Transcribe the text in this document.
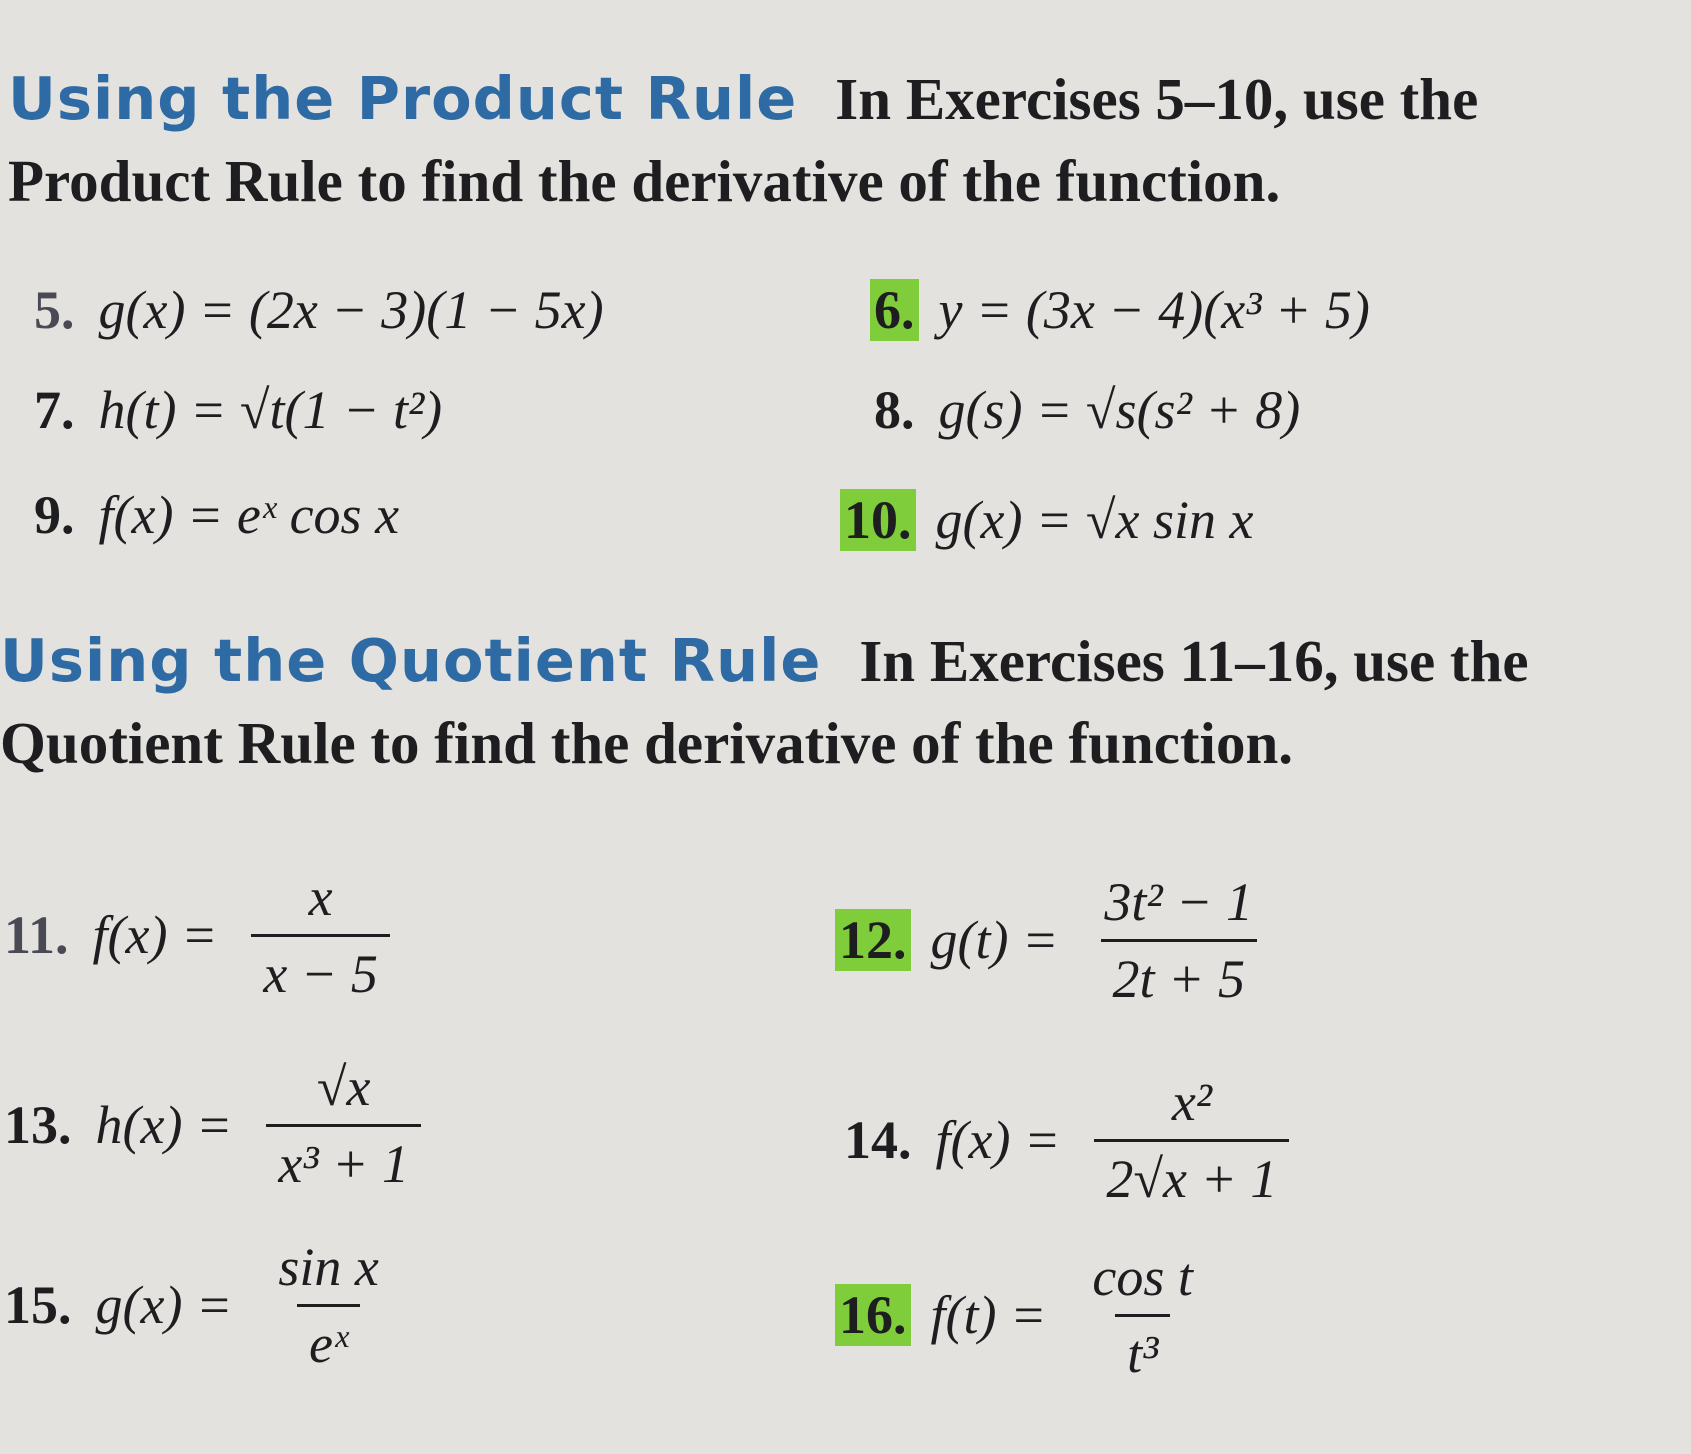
Using the Product Rule In Exercises 5–10, use the
Product Rule to find the derivative of the function.
5. g(x) = (2x − 3)(1 − 5x)	6. y = (3x − 4)(x³ + 5)
7. h(t) = √t(1 − t²)	8. g(s) = √s(s² + 8)
9. f(x) = eˣ cos x	10. g(x) = √x sin x
Using the Quotient Rule In Exercises 11–16, use the
Quotient Rule to find the derivative of the function.
11. $f(x) = \frac{x}{x - 5}$	12. $g(t) = \frac{\text{3t² − 1}}{2t + 5}$
13. $h(x) = \frac{√x}{\text{x³ + 1}}$	14. $f(x) = \frac{\text{x²}}{2√x + 1}$
15. $g(x) = \frac{\text{sin x}}{\text{eˣ}}$	16. $f(t) = \frac{\text{cos t}}{\text{t³}}$
